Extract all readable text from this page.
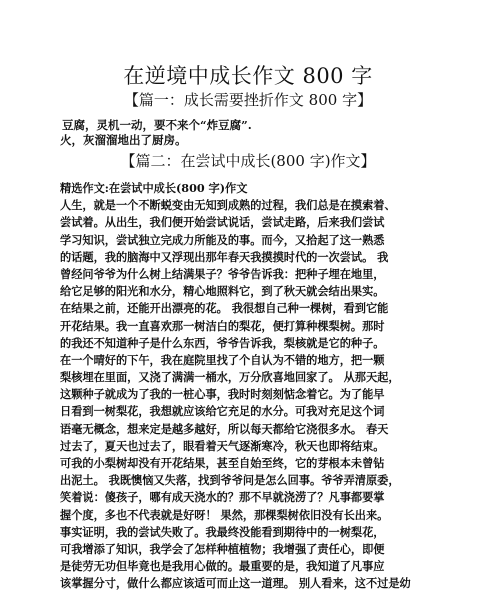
在逆境中成长作文 800 字
【篇一：成长需要挫折作文 800 字】
豆腐，灵机一动，要不来个“炸豆腐”.
火，灰溜溜地出了厨房。
【篇二：在尝试中成长(800 字)作文】
精选作文:在尝试中成长(800 字)作文
人生，就是一个不断蜕变由无知到成熟的过程，我们总是在摸索着、
尝试着。从出生，我们便开始尝试说话，尝试走路，后来我们尝试
学习知识，尝试独立完成力所能及的事。而今，又拾起了这一熟悉
的话题，我的脑海中又浮现出那年春天我摸摸时代的一次尝试。 我
曾经问爷爷为什么树上结满果子？爷爷告诉我：把种子埋在地里，
给它足够的阳光和水分，精心地照料它，到了秋天就会结出果实。
在结果之前，还能开出漂亮的花。 我很想自己种一棵树，看到它能
开花结果。我一直喜欢那一树洁白的梨花，便打算种棵梨树。那时
的我还不知道种子是什么东西，爷爷告诉我，梨核就是它的种子。
在一个晴好的下午，我在庭院里找了个自认为不错的地方，把一颗
梨核埋在里面，又浇了满满一桶水，万分欣喜地回家了。 从那天起，
这颗种子就成为了我的一桩心事，我时时刻刻惦念着它。为了能早
日看到一树梨花，我想就应该给它充足的水分。可我对充足这个词
语毫无概念，想来定是越多越好，所以每天都给它浇很多水。 春天
过去了，夏天也过去了，眼看着天气逐渐寒冷，秋天也即将结束。
可我的小梨树却没有开花结果，甚至自始至终，它的芽根本未曾钻
出泥土。 我既懊恼又失落，找到爷爷问是怎么回事。爷爷弄清原委，
笑着说：傻孩子，哪有成天浇水的？那不早就浇涝了？凡事都要掌
握个度，多也不代表就是好呀！ 果然，那棵梨树依旧没有长出来。
事实证明，我的尝试失败了。我最终没能看到期待中的一树梨花，
可我增添了知识，我学会了怎样种植植物；我增强了责任心，即便
是徒劳无功但毕竟也是我用心做的。最重要的是，我知道了凡事应
该掌握分寸，做什么都应该适可而止这一道理。 别人看来，这不过是幼
